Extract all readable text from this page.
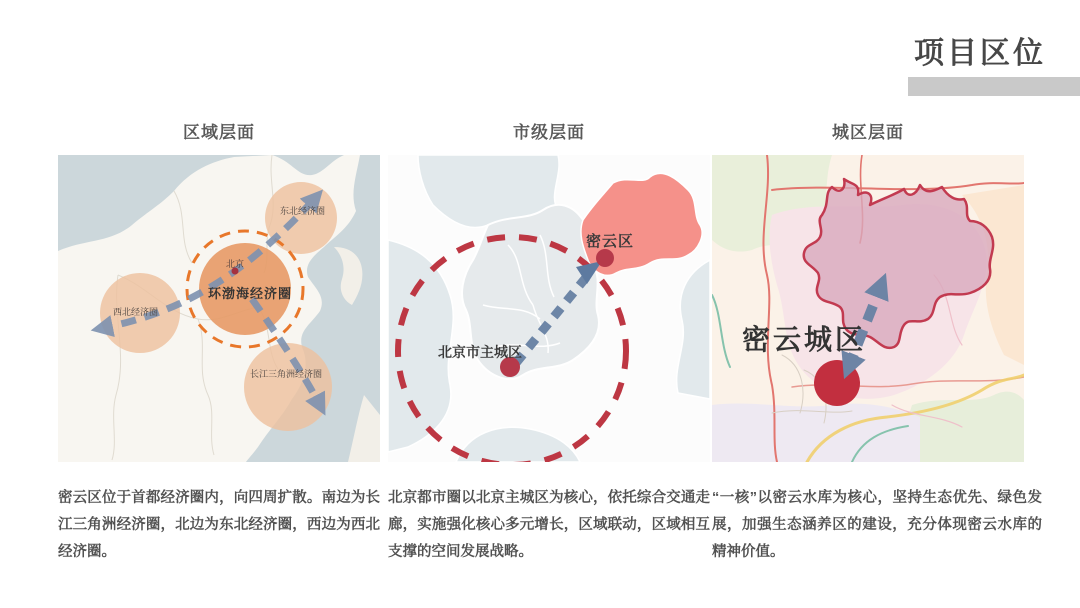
项目区位
区域层面
北京
环渤海经济圈
东北经济圈
西北经济圈
长江三角洲经济圈
密云区位于首都经济圈内，向四周扩散。南边为长江三角洲经济圈，北边为东北经济圈，西边为西北经济圈。
市级层面
密云区
北京市主城区
北京都市圈以北京主城区为核心，依托综合交通走廊，实施强化核心多元增长，区域联动，区域相互支撑的空间发展战略。
城区层面
密云城区
“一核”以密云水库为核心，坚持生态优先、绿色发展，加强生态涵养区的建设，充分体现密云水库的精神价值。
